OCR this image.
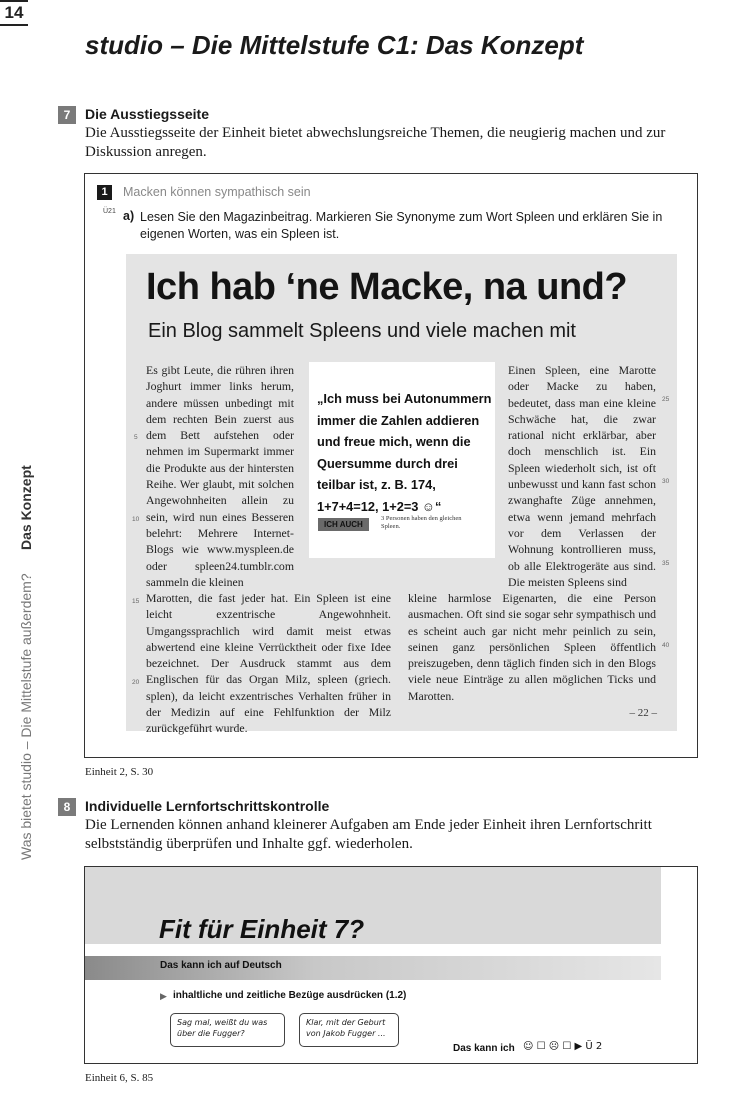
studio – Die Mittelstufe C1: Das Konzept
Was bietet studio – Die Mittelstufe außerdem?
Das Konzept
14
7	Die Ausstiegsseite
Die Ausstiegsseite der Einheit bietet abwechslungsreiche Themen, die neugierig machen und zur Diskussion anregen.
1	Macken können sympathisch sein
Ü21 a) Lesen Sie den Magazinbeitrag. Markieren Sie Synonyme zum Wort Spleen und erklären Sie in eigenen Worten, was ein Spleen ist.
Ich hab ‘ne Macke, na und?
Ein Blog sammelt Spleens und viele machen mit
Es gibt Leute, die rühren ihren Joghurt immer links herum, andere müssen unbedingt mit dem rechten Bein zuerst aus dem Bett aufstehen oder nehmen im Supermarkt immer die Produkte aus der hintersten Reihe. Wer glaubt, mit solchen Angewohnheiten allein zu sein, wird nun eines Besseren belehrt: Mehrere Internet-Blogs wie www.myspleen.de oder spleen24.tumblr.com sammeln die kleinen
Einen Spleen, eine Marotte oder Macke zu haben, bedeutet, dass man eine kleine Schwäche hat, die zwar rational nicht erklärbar, aber doch menschlich ist. Ein Spleen wiederholt sich, ist oft unbewusst und kann fast schon zwanghafte Züge annehmen, etwa wenn jemand mehrfach vor dem Verlassen der Wohnung kontrollieren muss, ob alle Elektrogeräte aus sind. Die meisten Spleens sind
Marotten, die fast jeder hat. Ein Spleen ist eine leicht exzentrische Angewohnheit. Umgangssprachlich wird damit meist etwas abwertend eine kleine Verrücktheit oder fixe Idee bezeichnet. Der Ausdruck stammt aus dem Englischen für das Organ Milz, spleen (griech. splen), da leicht exzentrisches Verhalten früher in der Medizin auf eine Fehlfunktion der Milz zurückgeführt wurde.
kleine harmlose Eigenarten, die eine Person ausmachen. Oft sind sie sogar sehr sympathisch und es scheint auch gar nicht mehr peinlich zu sein, seinen ganz persönlichen Spleen öffentlich preiszugeben, denn täglich finden sich in den Blogs viele neue Einträge zu allen möglichen Ticks und Marotten.
5
10
15
20
25
30
35
40
„Ich muss bei Autonummern immer die Zahlen addieren und freue mich, wenn die Quersumme durch drei teilbar ist, z. B. 174, 1+7+4=12, 1+2=3 ☺“
ICH AUCH
3 Personen haben den gleichen Spleen.
– 22 –
Einheit 2, S. 30
8	Individuelle Lernfortschrittskontrolle
Die Lernenden können anhand kleinerer Aufgaben am Ende jeder Einheit ihren Lernfortschritt selbstständig überprüfen und Inhalte ggf. wiederholen.
Fit für Einheit 7?
Das kann ich auf Deutsch
▶ inhaltliche und zeitliche Bezüge ausdrücken (1.2)
Sag mal, weißt du was über die Fugger?
Klar, mit der Geburt von Jakob Fugger ...
Das kann ich ☺ ☐ ☹ ☐ ▶ Ü 2
Einheit 6, S. 85
